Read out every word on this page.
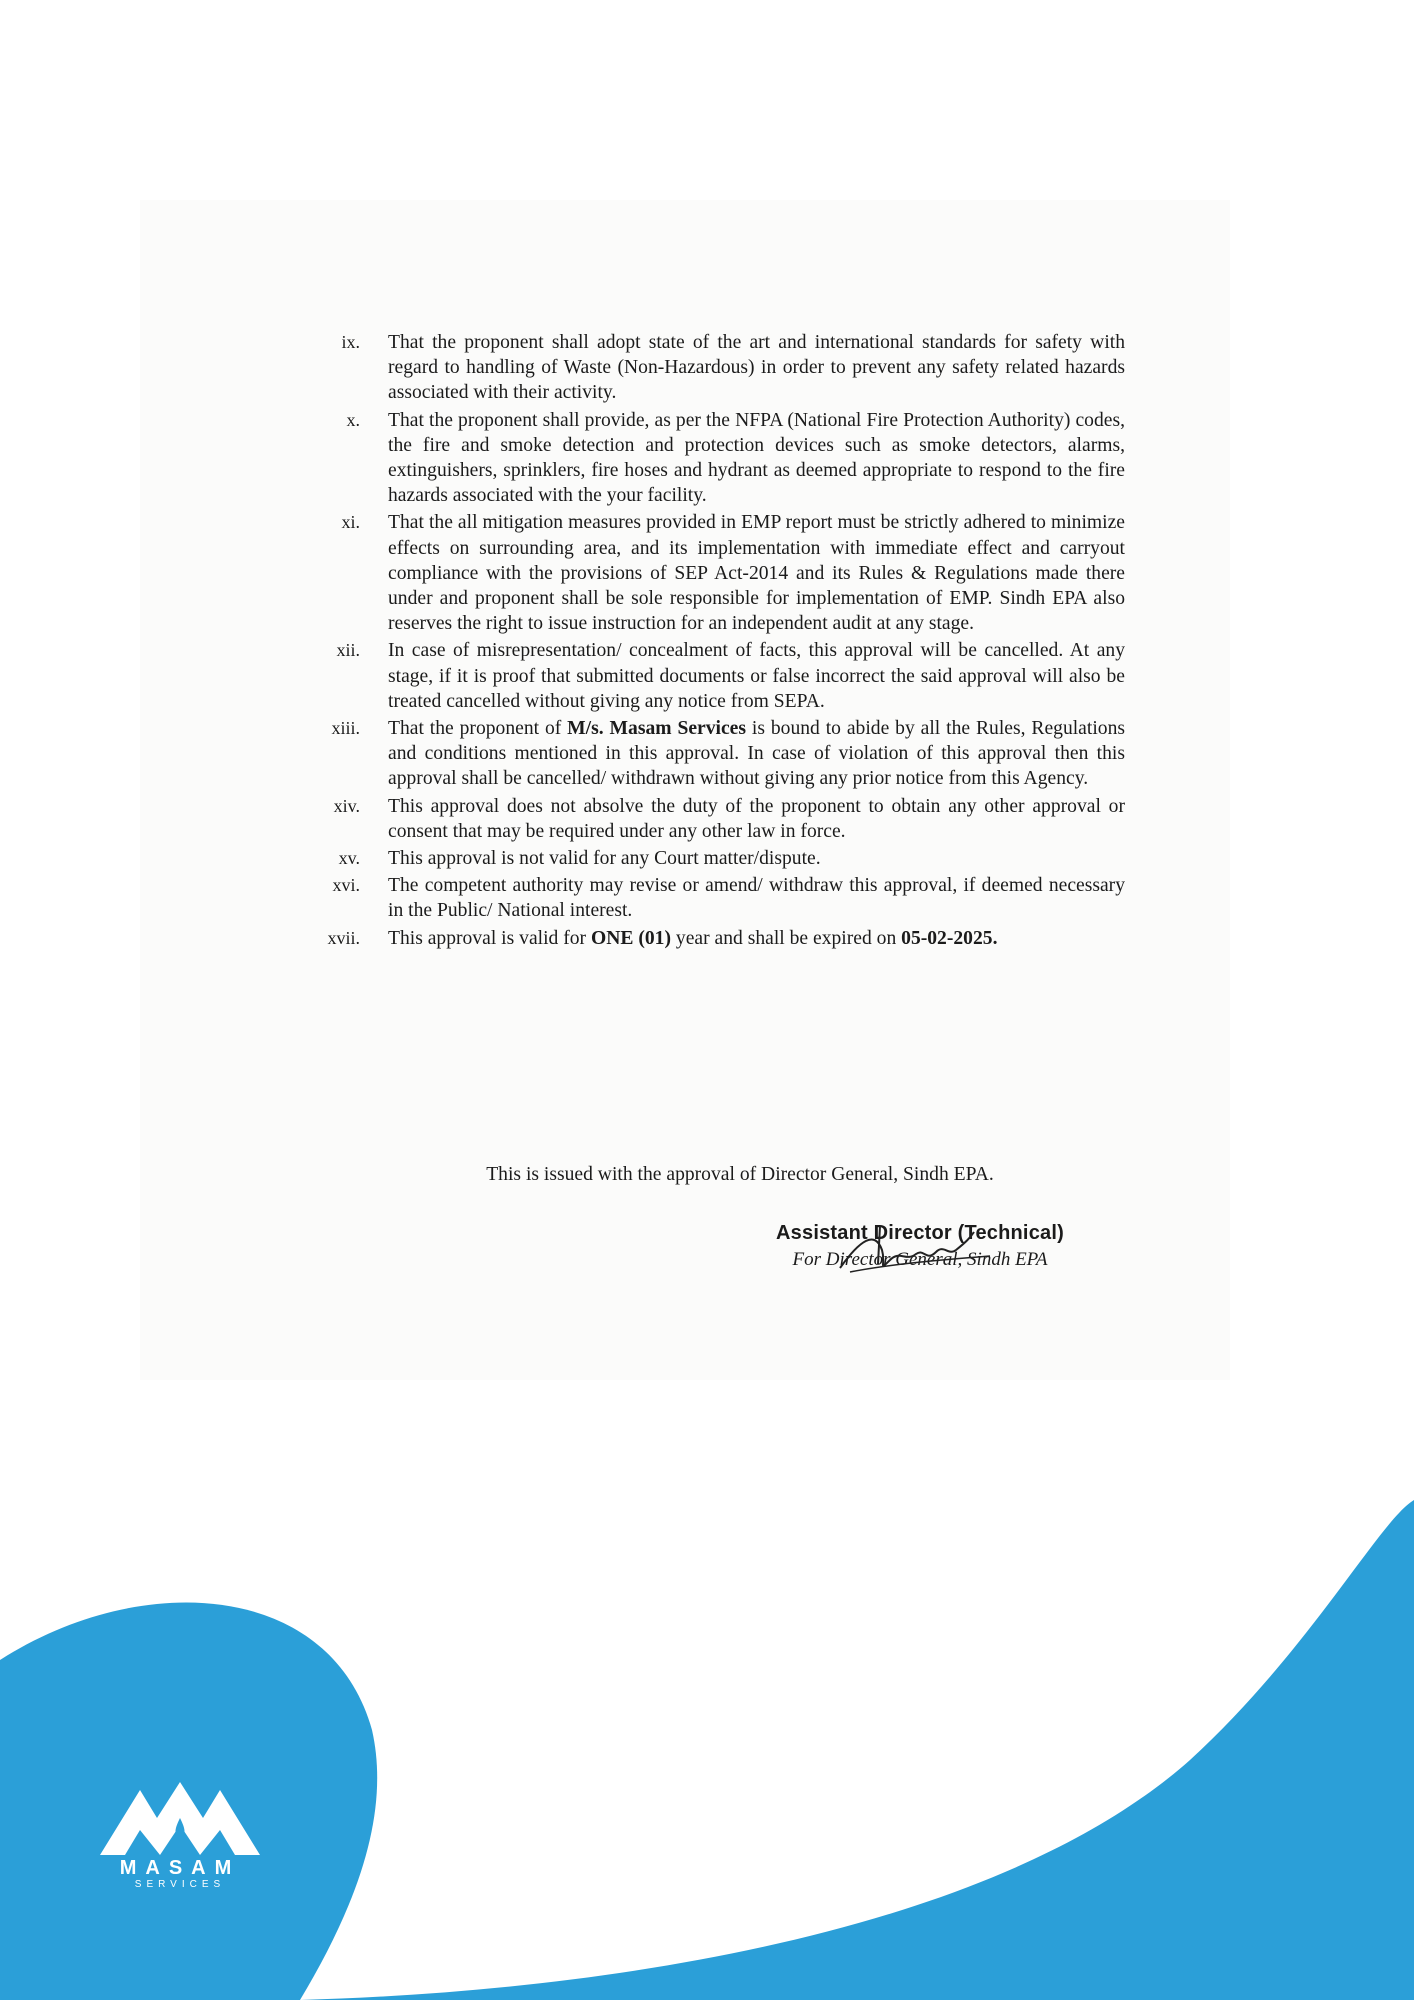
ix. That the proponent shall adopt state of the art and international standards for safety with regard to handling of Waste (Non-Hazardous) in order to prevent any safety related hazards associated with their activity.
x. That the proponent shall provide, as per the NFPA (National Fire Protection Authority) codes, the fire and smoke detection and protection devices such as smoke detectors, alarms, extinguishers, sprinklers, fire hoses and hydrant as deemed appropriate to respond to the fire hazards associated with the your facility.
xi. That the all mitigation measures provided in EMP report must be strictly adhered to minimize effects on surrounding area, and its implementation with immediate effect and carryout compliance with the provisions of SEP Act-2014 and its Rules & Regulations made there under and proponent shall be sole responsible for implementation of EMP. Sindh EPA also reserves the right to issue instruction for an independent audit at any stage.
xii. In case of misrepresentation/ concealment of facts, this approval will be cancelled. At any stage, if it is proof that submitted documents or false incorrect the said approval will also be treated cancelled without giving any notice from SEPA.
xiii. That the proponent of M/s. Masam Services is bound to abide by all the Rules, Regulations and conditions mentioned in this approval. In case of violation of this approval then this approval shall be cancelled/ withdrawn without giving any prior notice from this Agency.
xiv. This approval does not absolve the duty of the proponent to obtain any other approval or consent that may be required under any other law in force.
xv. This approval is not valid for any Court matter/dispute.
xvi. The competent authority may revise or amend/ withdraw this approval, if deemed necessary in the Public/ National interest.
xvii. This approval is valid for ONE (01) year and shall be expired on 05-02-2025.
This is issued with the approval of Director General, Sindh EPA.
Assistant Director (Technical)
For Director General, Sindh EPA
MASAM
SERVICES
